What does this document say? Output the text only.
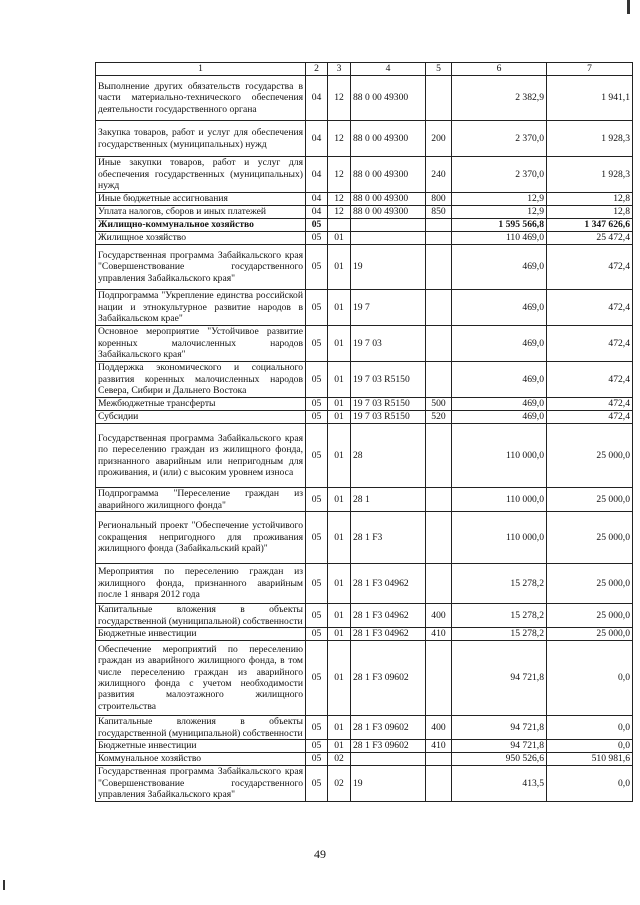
1	2	3	4	5	6	7
Выполнение других обязательств государства в части материально-технического обеспечения деятельности государственного органа	04	12	88 0 00 49300		2 382,9	1 941,1
Закупка товаров, работ и услуг для обеспечения государственных (муниципальных) нужд	04	12	88 0 00 49300	200	2 370,0	1 928,3
Иные закупки товаров, работ и услуг для обеспечения государственных (муниципальных) нужд	04	12	88 0 00 49300	240	2 370,0	1 928,3
Иные бюджетные ассигнования	04	12	88 0 00 49300	800	12,9	12,8
Уплата налогов, сборов и иных платежей	04	12	88 0 00 49300	850	12,9	12,8
Жилищно-коммунальное хозяйство	05				1 595 566,8	1 347 626,6
Жилищное хозяйство	05	01			110 469,0	25 472,4
Государственная программа Забайкальского края "Совершенствование государственного управления Забайкальского края"	05	01	19		469,0	472,4
Подпрограмма "Укрепление единства российской нации и этнокультурное развитие народов в Забайкальском крае"	05	01	19 7		469,0	472,4
Основное мероприятие "Устойчивое развитие коренных малочисленных народов Забайкальского края"	05	01	19 7 03		469,0	472,4
Поддержка экономического и социального развития коренных малочисленных народов Севера, Сибири и Дальнего Востока	05	01	19 7 03 R5150		469,0	472,4
Межбюджетные трансферты	05	01	19 7 03 R5150	500	469,0	472,4
Субсидии	05	01	19 7 03 R5150	520	469,0	472,4
Государственная программа Забайкальского края по переселению граждан из жилищного фонда, признанного аварийным или непригодным для проживания, и (или) с высоким уровнем износа	05	01	28		110 000,0	25 000,0
Подпрограмма "Переселение граждан из аварийного жилищного фонда"	05	01	28 1		110 000,0	25 000,0
Региональный проект "Обеспечение устойчивого сокращения непригодного для проживания жилищного фонда (Забайкальский край)"	05	01	28 1 F3		110 000,0	25 000,0
Мероприятия по переселению граждан из жилищного фонда, признанного аварийным после 1 января 2012 года	05	01	28 1 F3 04962		15 278,2	25 000,0
Капитальные вложения в объекты государственной (муниципальной) собственности	05	01	28 1 F3 04962	400	15 278,2	25 000,0
Бюджетные инвестиции	05	01	28 1 F3 04962	410	15 278,2	25 000,0
Обеспечение мероприятий по переселению граждан из аварийного жилищного фонда, в том числе переселению граждан из аварийного жилищного фонда с учетом необходимости развития малоэтажного жилищного строительства	05	01	28 1 F3 09602		94 721,8	0,0
Капитальные вложения в объекты государственной (муниципальной) собственности	05	01	28 1 F3 09602	400	94 721,8	0,0
Бюджетные инвестиции	05	01	28 1 F3 09602	410	94 721,8	0,0
Коммунальное хозяйство	05	02			950 526,6	510 981,6
Государственная программа Забайкальского края "Совершенствование государственного управления Забайкальского края"	05	02	19		413,5	0,0
49
